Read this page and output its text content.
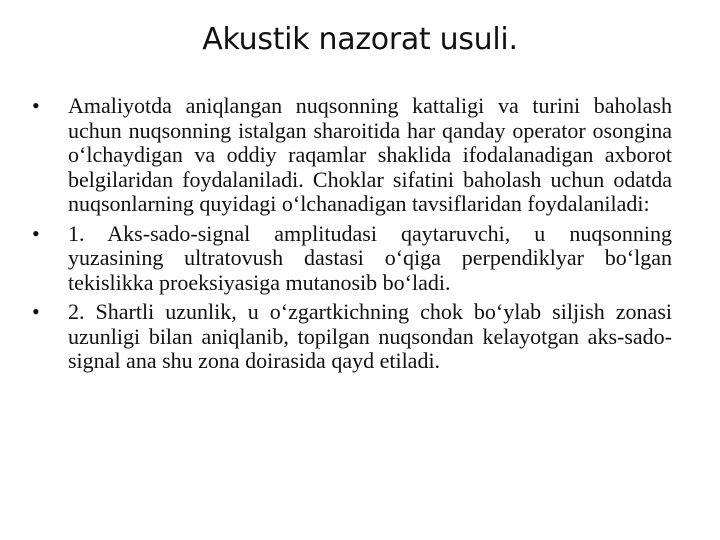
Akustik nazorat usuli.
•	Amaliyotda aniqlangan nuqsonning kattaligi va turini baholash uchun nuqsonning istalgan sharoitida har qanday operator osongina o‘lchaydigan va oddiy raqamlar shaklida ifodalanadigan axborot belgilaridan foydalaniladi. Choklar sifatini baholash uchun odatda nuqsonlarning quyidagi o‘lchanadigan tavsiflaridan foydalaniladi:
•	1. Aks-sado-signal amplitudasi qaytaruvchi, u nuqsonning yuzasining ultratovush dastasi o‘qiga perpendiklyar bo‘lgan tekislikka proeksiyasiga mutanosib bo‘ladi.
•	2. Shartli uzunlik, u o‘zgartkichning chok bo‘ylab siljish zonasi uzunligi bilan aniqlanib, topilgan nuqsondan kelayotgan aks-sado-signal ana shu zona doirasida qayd etiladi.
